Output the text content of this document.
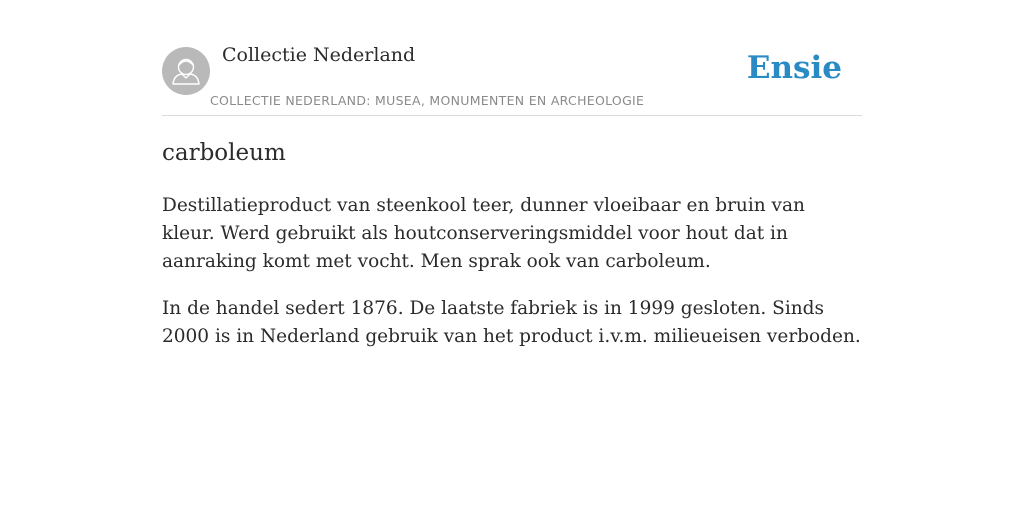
Collectie Nederland
COLLECTIE NEDERLAND: MUSEA, MONUMENTEN EN ARCHEOLOGIE
Ensie
carboleum

Destillatieproduct van steenkool teer, dunner vloeibaar en bruin van kleur. Werd gebruikt als houtconserveringsmiddel voor hout dat in aanraking komt met vocht. Men sprak ook van carboleum.

In de handel sedert 1876. De laatste fabriek is in 1999 gesloten. Sinds 2000 is in Nederland gebruik van het product i.v.m. milieueisen verboden.
